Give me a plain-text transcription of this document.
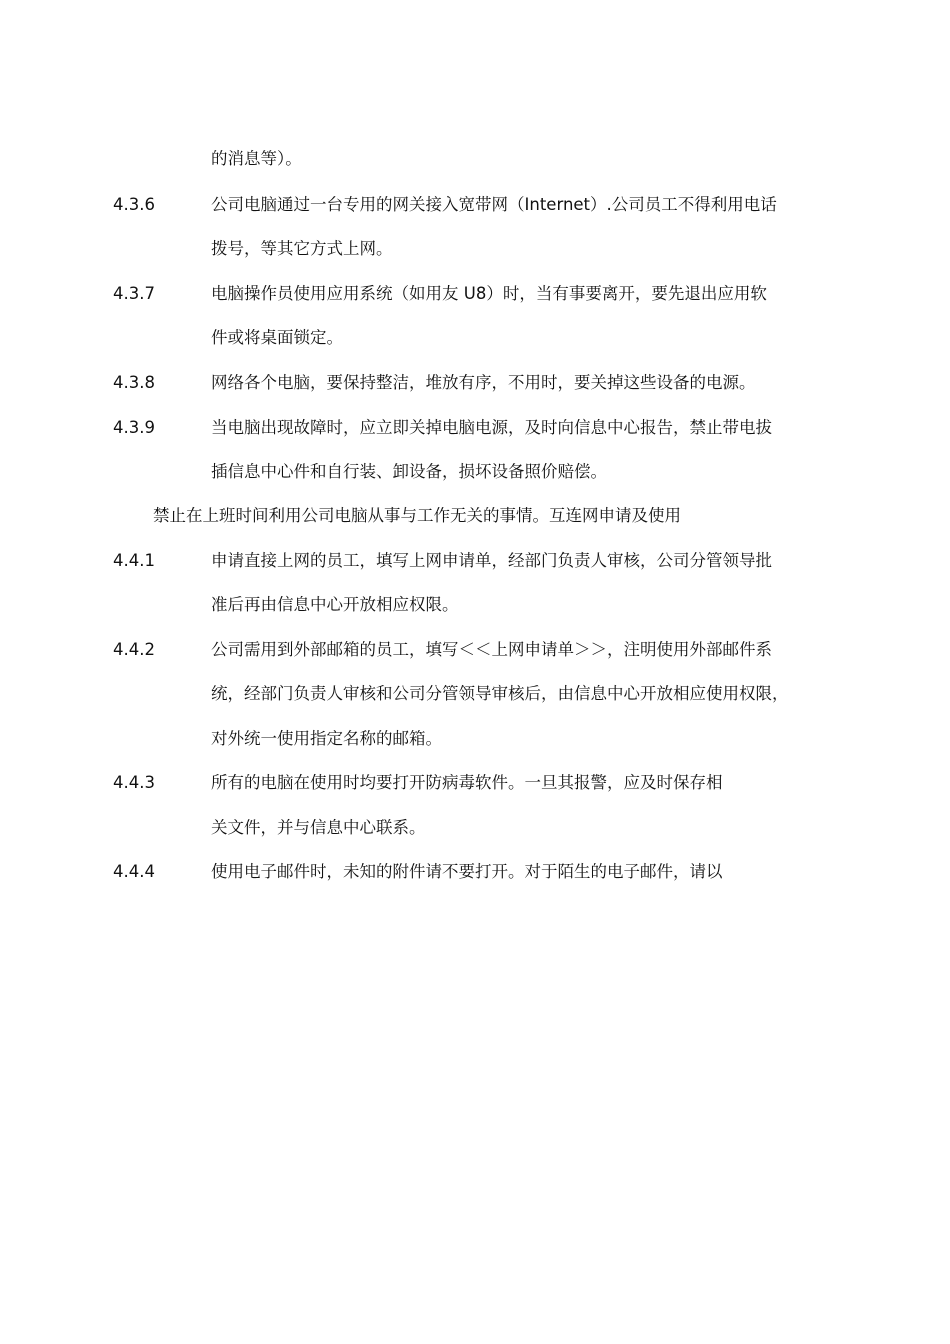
的消息等）。
4.3.6	公司电脑通过一台专用的网关接入宽带网（Internet）.公司员工不得利用电话
拨号，等其它方式上网。
4.3.7	电脑操作员使用应用系统（如用友 U8）时，当有事要离开，要先退出应用软
件或将桌面锁定。
4.3.8	网络各个电脑，要保持整洁，堆放有序，不用时，要关掉这些设备的电源。
4.3.9	当电脑出现故障时，应立即关掉电脑电源，及时向信息中心报告，禁止带电拔
插信息中心件和自行装、卸设备，损坏设备照价赔偿。
禁止在上班时间利用公司电脑从事与工作无关的事情。互连网申请及使用
4.4.1	申请直接上网的员工，填写上网申请单，经部门负责人审核，公司分管领导批
准后再由信息中心开放相应权限。
4.4.2	公司需用到外部邮箱的员工，填写＜＜上网申请单＞＞，注明使用外部邮件系
统，经部门负责人审核和公司分管领导审核后，由信息中心开放相应使用权限，
对外统一使用指定名称的邮箱。
4.4.3	所有的电脑在使用时均要打开防病毒软件。一旦其报警，应及时保存相
关文件，并与信息中心联系。
4.4.4	使用电子邮件时，未知的附件请不要打开。对于陌生的电子邮件，请以
